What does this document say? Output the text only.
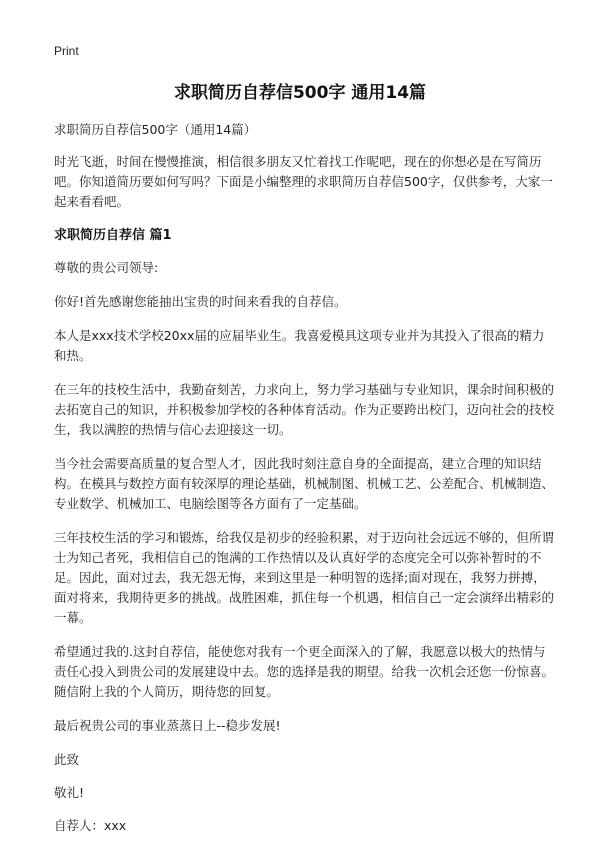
Print
求职简历自荐信500字 通用14篇

求职简历自荐信500字（通用14篇）

时光飞逝，时间在慢慢推演，相信很多朋友又忙着找工作呢吧，现在的你想必是在写简历吧。你知道简历要如何写吗？下面是小编整理的求职简历自荐信500字，仅供参考，大家一起来看看吧。

求职简历自荐信 篇1

尊敬的贵公司领导:

你好!首先感谢您能抽出宝贵的时间来看我的自荐信。

本人是xxx技术学校20xx届的应届毕业生。我喜爱模具这项专业并为其投入了很高的精力和热。

在三年的技校生活中，我勤奋刻苦，力求向上，努力学习基础与专业知识，课余时间积极的去拓宽自己的知识，并积极参加学校的各种体育活动。作为正要跨出校门，迈向社会的技校生，我以满腔的热情与信心去迎接这一切。

当今社会需要高质量的复合型人才，因此我时刻注意自身的全面提高，建立合理的知识结构。在模具与数控方面有较深厚的理论基础，机械制图、机械工艺、公差配合、机械制造、专业数学、机械加工、电脑绘图等各方面有了一定基础。

三年技校生活的学习和锻炼，给我仅是初步的经验积累，对于迈向社会远远不够的，但所谓士为知己者死，我相信自己的饱满的工作热情以及认真好学的态度完全可以弥补暂时的不足。因此，面对过去，我无怨无悔，来到这里是一种明智的选择;面对现在，我努力拼搏，面对将来，我期待更多的挑战。战胜困难，抓住每一个机遇，相信自己一定会演绎出精彩的一幕。

希望通过我的.这封自荐信，能使您对我有一个更全面深入的了解，我愿意以极大的热情与责任心投入到贵公司的发展建设中去。您的选择是我的期望。给我一次机会还您一份惊喜。随信附上我的个人简历，期待您的回复。

最后祝贵公司的事业蒸蒸日上--稳步发展!

此致

敬礼!

自荐人：xxx
